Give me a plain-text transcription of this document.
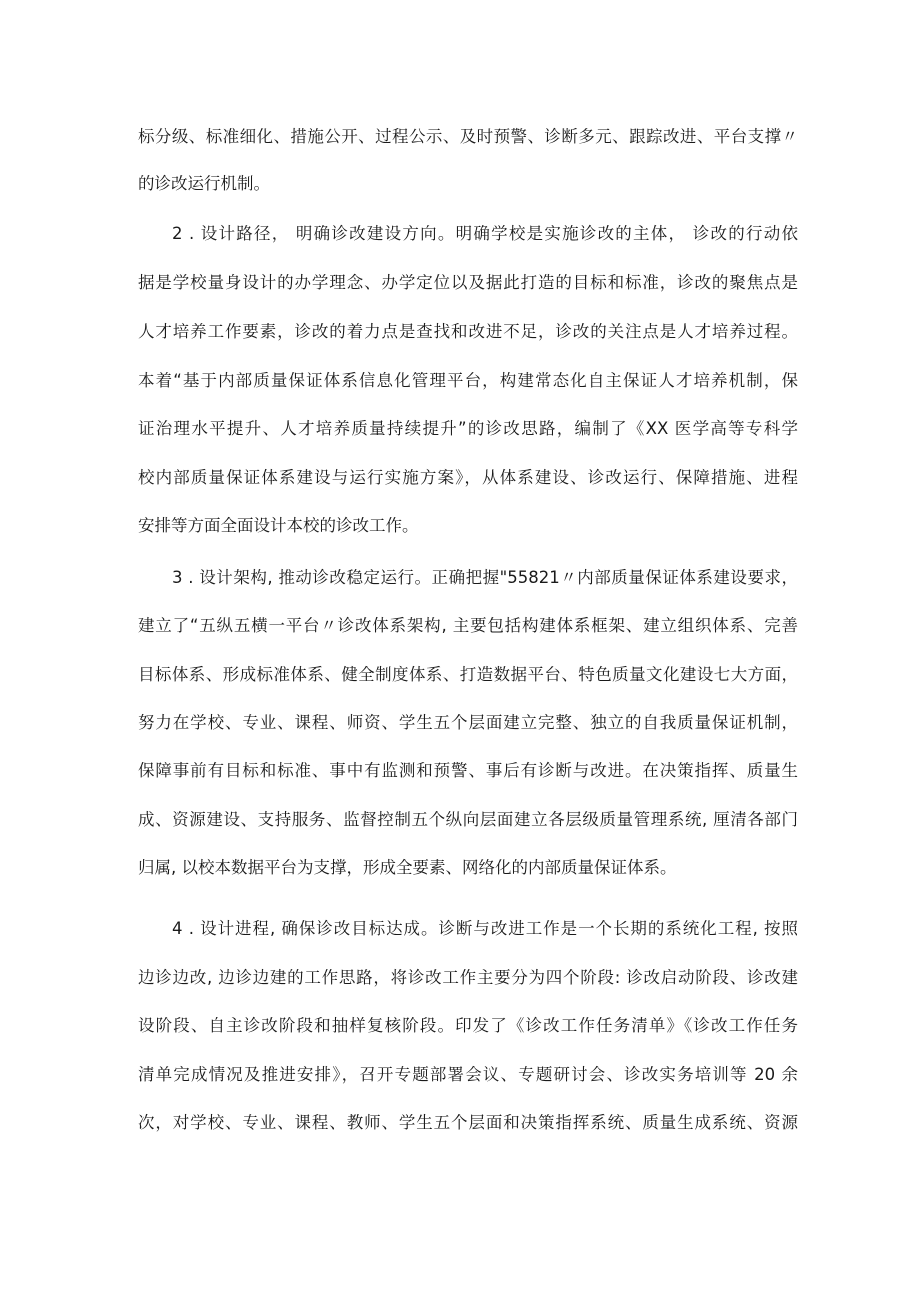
标分级、标准细化、措施公开、过程公示、及时预警、诊断多元、跟踪改进、平台支撑〃
的诊改运行机制。
2 . 设计路径， 明确诊改建设方向。明确学校是实施诊改的主体， 诊改的行动依
据是学校量身设计的办学理念、办学定位以及据此打造的目标和标准，诊改的聚焦点是
人才培养工作要素，诊改的着力点是查找和改进不足，诊改的关注点是人才培养过程。
本着“基于内部质量保证体系信息化管理平台，构建常态化自主保证人才培养机制，保
证治理水平提升、人才培养质量持续提升”的诊改思路，编制了《XX 医学高等专科学
校内部质量保证体系建设与运行实施方案》，从体系建设、诊改运行、保障措施、进程
安排等方面全面设计本校的诊改工作。
3 . 设计架构, 推动诊改稳定运行。正确把握"55821〃内部质量保证体系建设要求，
建立了“五纵五横一平台〃诊改体系架构, 主要包括构建体系框架、建立组织体系、完善
目标体系、形成标准体系、健全制度体系、打造数据平台、特色质量文化建设七大方面，
努力在学校、专业、课程、师资、学生五个层面建立完整、独立的自我质量保证机制，
保障事前有目标和标准、事中有监测和预警、事后有诊断与改进。在决策指挥、质量生
成、资源建设、支持服务、监督控制五个纵向层面建立各层级质量管理系统, 厘清各部门
归属, 以校本数据平台为支撑，形成全要素、网络化的内部质量保证体系。
4 . 设计进程, 确保诊改目标达成。诊断与改进工作是一个长期的系统化工程, 按照
边诊边改, 边诊边建的工作思路，将诊改工作主要分为四个阶段: 诊改启动阶段、诊改建
设阶段、自主诊改阶段和抽样复核阶段。印发了《诊改工作任务清单》《诊改工作任务
清单完成情况及推进安排》，召开专题部署会议、专题研讨会、诊改实务培训等 20 余
次，对学校、专业、课程、教师、学生五个层面和决策指挥系统、质量生成系统、资源
